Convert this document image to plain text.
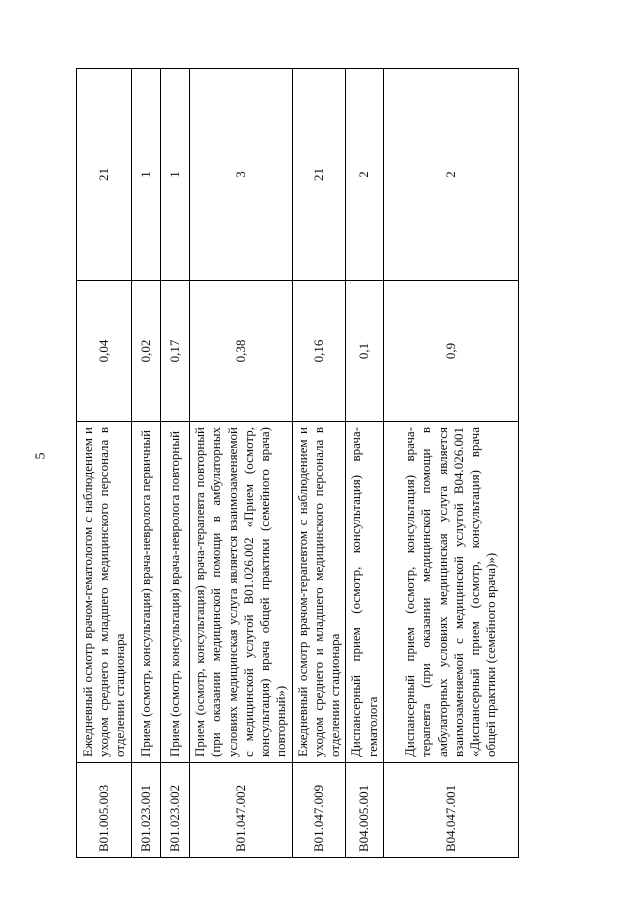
5
B01.005.003	Ежедневный осмотр врачом-гематологом с наблюдением и уходом среднего и младшего медицинского персонала в отделении стационара	0,04	21
B01.023.001	Прием (осмотр, консультация) врача-невролога первичный	0,02	1
B01.023.002	Прием (осмотр, консультация) врача-невролога повторный	0,17	1
B01.047.002	Прием (осмотр, консультация) врача-терапевта повторный (при оказании медицинской помощи в амбулаторных условиях медицинская услуга является взаимозаменяемой с медицинской услугой B01.026.002 «Прием (осмотр, консультация) врача общей практики (семейного врача) повторный»)	0,38	3
B01.047.009	Ежедневный осмотр врачом-терапевтом с наблюдением и уходом среднего и младшего медицинского персонала в отделении стационара	0,16	21
B04.005.001	Диспансерный прием (осмотр, консультация) врача-гематолога	0,1	2
B04.047.001	Диспансерный прием (осмотр, консультация) врача-терапевта (при оказании медицинской помощи в амбулаторных условиях медицинская услуга является взаимозаменяемой с медицинской услугой B04.026.001 «Диспансерный прием (осмотр, консультация) врача общей практики (семейного врача)»)	0,9	2
